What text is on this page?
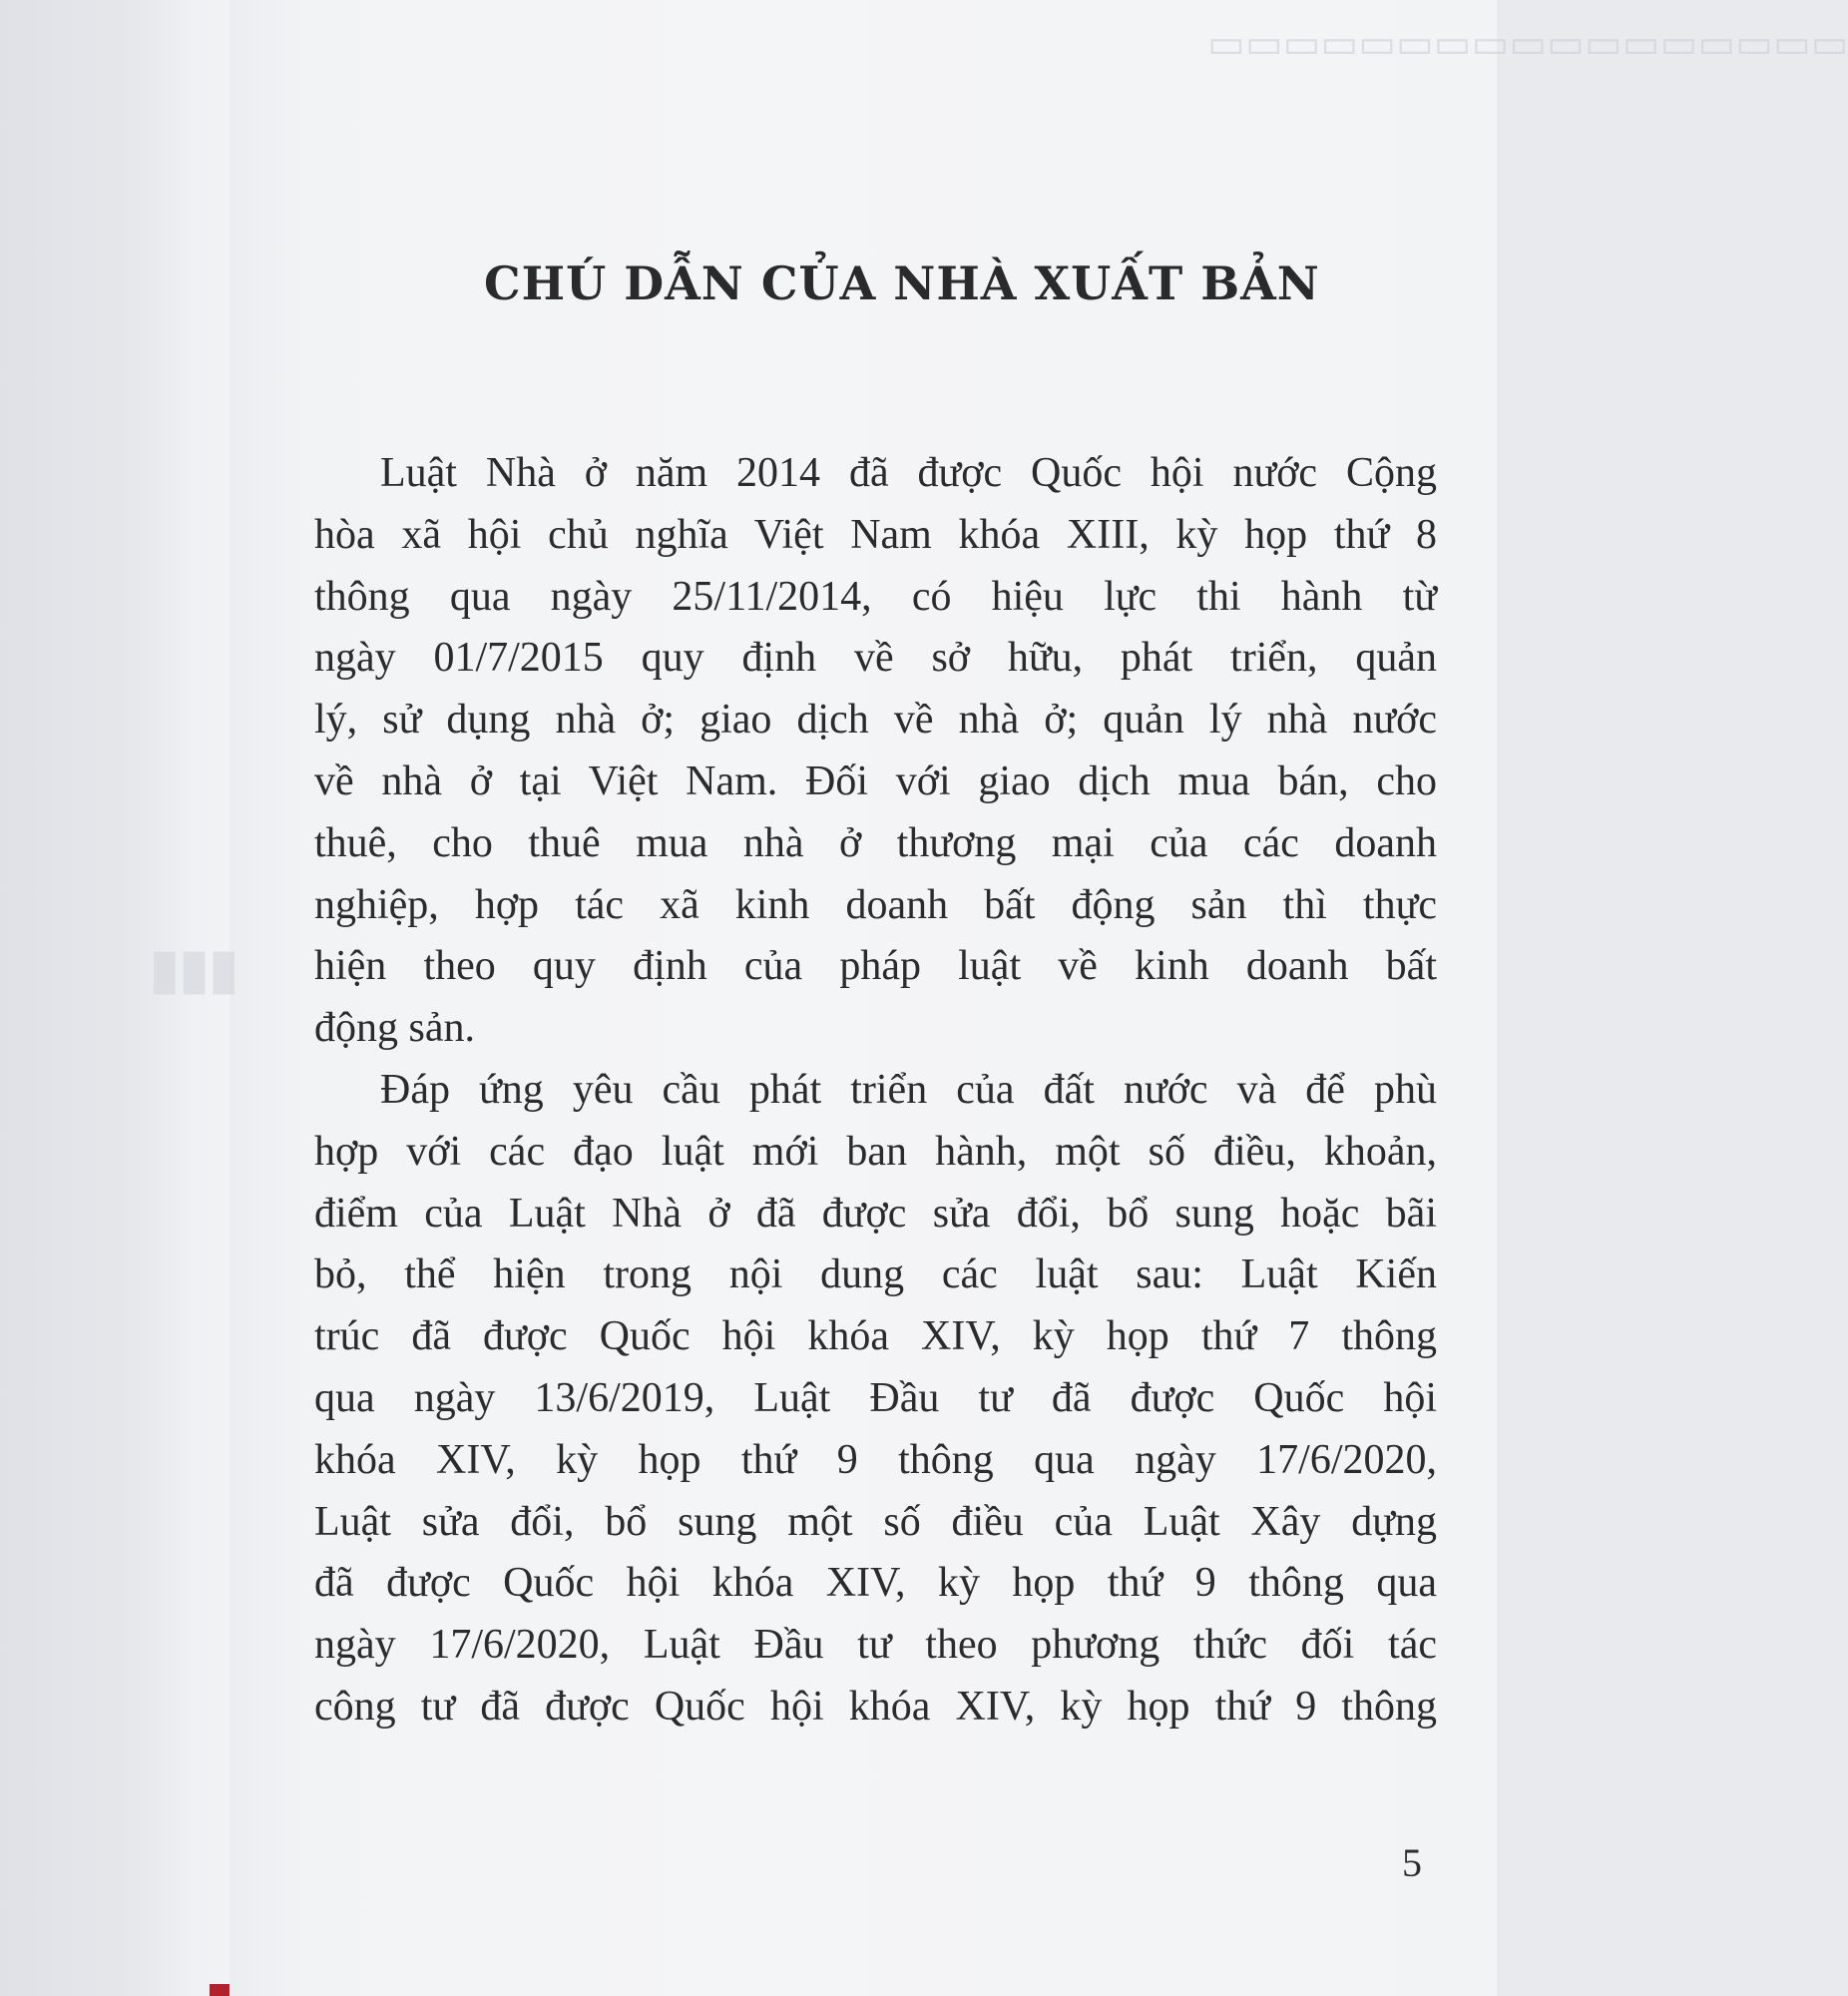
▭▭▭▭▭▭▭▭▭▭▭▭▭▭▭▭▭
▮▮▮
CHÚ DẪN CỦA NHÀ XUẤT BẢN
Luật Nhà ở năm 2014 đã được Quốc hội nước Cộng
hòa xã hội chủ nghĩa Việt Nam khóa XIII, kỳ họp thứ 8
thông qua ngày 25/11/2014, có hiệu lực thi hành từ
ngày 01/7/2015 quy định về sở hữu, phát triển, quản
lý, sử dụng nhà ở; giao dịch về nhà ở; quản lý nhà nước
về nhà ở tại Việt Nam. Đối với giao dịch mua bán, cho
thuê, cho thuê mua nhà ở thương mại của các doanh
nghiệp, hợp tác xã kinh doanh bất động sản thì thực
hiện theo quy định của pháp luật về kinh doanh bất
động sản.
Đáp ứng yêu cầu phát triển của đất nước và để phù
hợp với các đạo luật mới ban hành, một số điều, khoản,
điểm của Luật Nhà ở đã được sửa đổi, bổ sung hoặc bãi
bỏ, thể hiện trong nội dung các luật sau: Luật Kiến
trúc đã được Quốc hội khóa XIV, kỳ họp thứ 7 thông
qua ngày 13/6/2019, Luật Đầu tư đã được Quốc hội
khóa XIV, kỳ họp thứ 9 thông qua ngày 17/6/2020,
Luật sửa đổi, bổ sung một số điều của Luật Xây dựng
đã được Quốc hội khóa XIV, kỳ họp thứ 9 thông qua
ngày 17/6/2020, Luật Đầu tư theo phương thức đối tác
công tư đã được Quốc hội khóa XIV, kỳ họp thứ 9 thông
5
